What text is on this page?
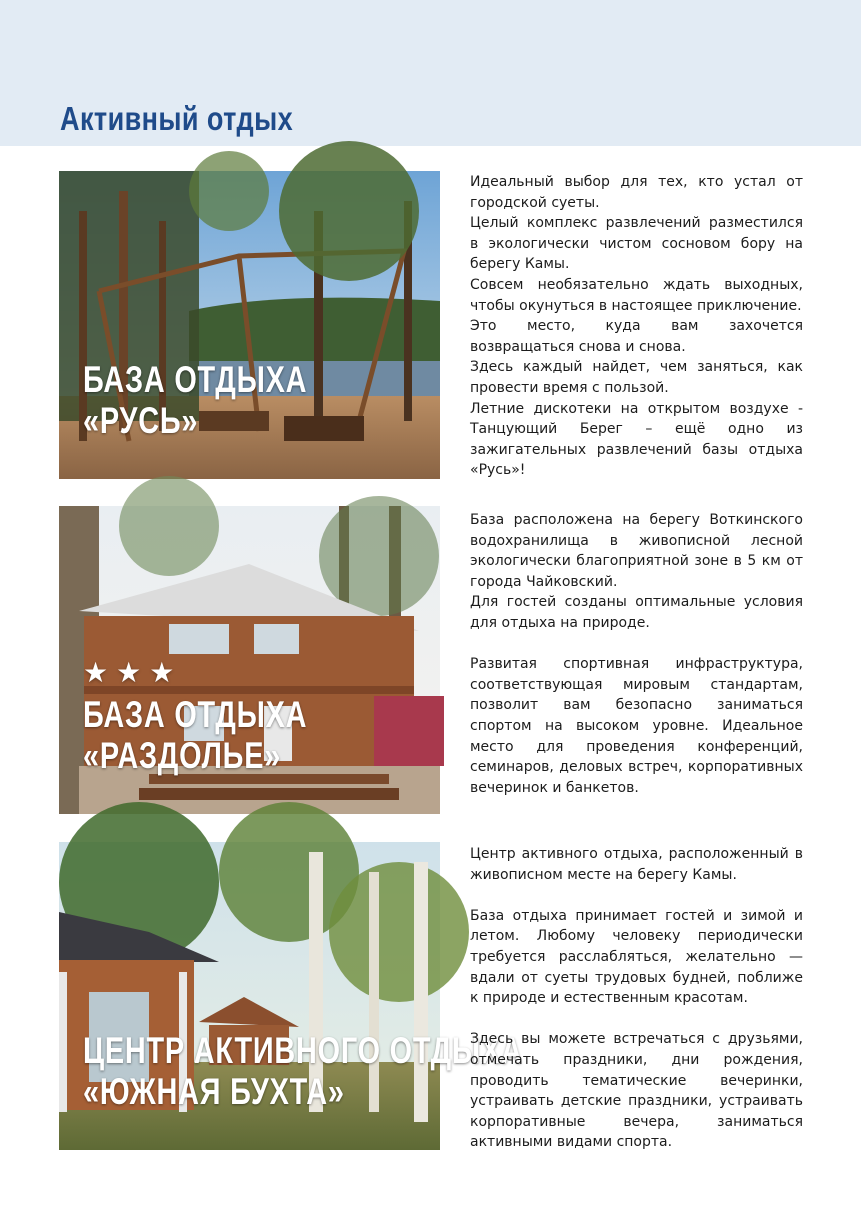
Активный отдых
БАЗА ОТДЫХА
«РУСЬ»

Идеальный выбор для тех, кто устал от городской суеты.

Целый комплекс развлечений разместился в экологически чистом сосновом бору на берегу Камы.

Совсем необязательно ждать выходных, чтобы окунуться в настоящее приключение.

Это место, куда вам захочется возвращаться снова и снова.

Здесь каждый найдет, чем заняться, как провести время с пользой.

Летние дискотеки на открытом воздухе - Танцующий Берег – ещё одно из зажигательных развлечений базы отдыха «Русь»!

★★★
БАЗА ОТДЫХА
«РАЗДОЛЬЕ»

База расположена на берегу Воткинского водохранилища в живописной лесной экологически благоприятной зоне в 5 км от города Чайковский.

Для гостей созданы оптимальные условия для отдыха на природе.

Развитая спортивная инфраструктура, соответствующая мировым стандартам, позволит вам безопасно заниматься спортом на высоком уровне. Идеальное место для проведения конференций, семинаров, деловых встреч, корпоративных вечеринок и банкетов.

ЦЕНТР АКТИВНОГО ОТДЫХА
«ЮЖНАЯ БУХТА»

Центр активного отдыха, расположенный в живописном месте на берегу Камы.

База отдыха принимает гостей и зимой и летом. Любому человеку периодически требуется расслабляться, желательно — вдали от суеты трудовых будней, поближе к природе и естественным красотам.

Здесь вы можете встречаться с друзьями, отмечать праздники, дни рождения, проводить тематические вечеринки, устраивать детские праздники, устраивать корпоративные вечера, заниматься активными видами спорта.
